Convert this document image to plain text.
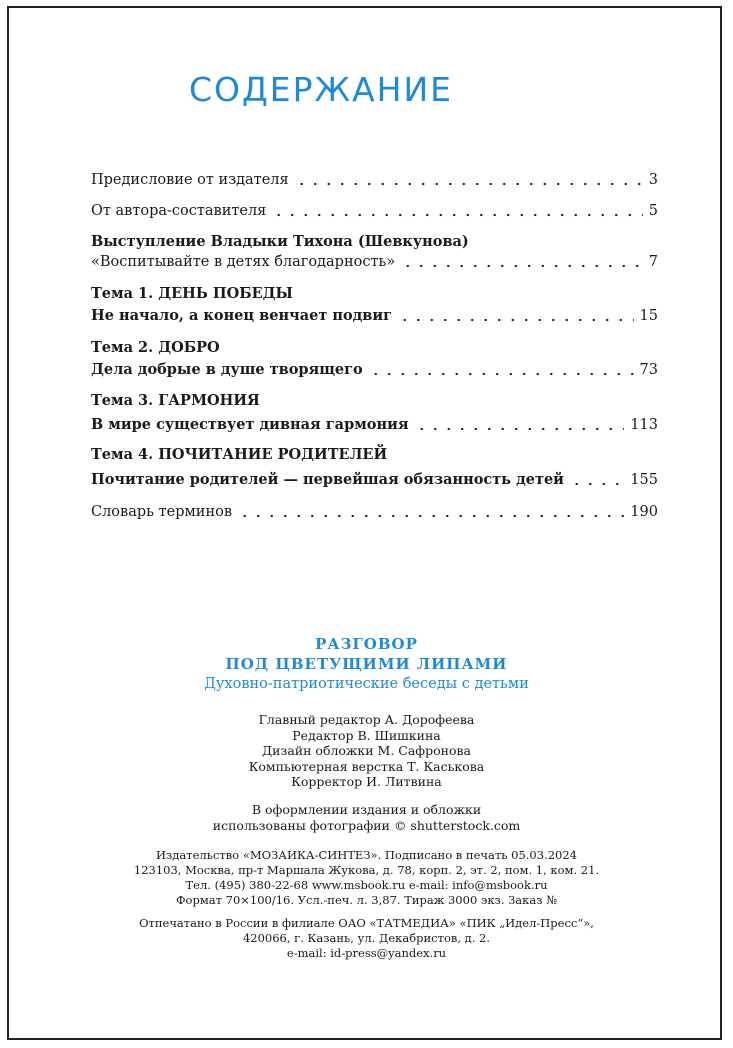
СОДЕРЖАНИЕ
Предисловие от издателя	3
От автора-составителя	5
Выступление Владыки Тихона (Шевкунова)
«Воспитывайте в детях благодарность»	7
Тема 1. ДЕНЬ ПОБЕДЫ
Не начало, а конец венчает подвиг	15
Тема 2. ДОБРО
Дела добрые в душе творящего	73
Тема 3. ГАРМОНИЯ
В мире существует дивная гармония	113
Тема 4. ПОЧИТАНИЕ РОДИТЕЛЕЙ
Почитание родителей — первейшая обязанность детей	155
Словарь терминов	190
РАЗГОВОР
ПОД ЦВЕТУЩИМИ ЛИПАМИ
Духовно-патриотические беседы с детьми
Главный редактор А. Дорофеева
Редактор В. Шишкина
Дизайн обложки М. Сафронова
Компьютерная верстка Т. Каськова
Корректор И. Литвина
В оформлении издания и обложки
использованы фотографии © shutterstock.com
Издательство «МОЗАИКА-СИНТЕЗ». Подписано в печать 05.03.2024
123103, Москва, пр-т Маршала Жукова, д. 78, корп. 2, эт. 2, пом. 1, ком. 21.
Тел. (495) 380-22-68 www.msbook.ru e-mail: info@msbook.ru
Формат 70×100/16. Усл.-печ. л. 3,87. Тираж 3000 экз. Заказ №
Отпечатано в России в филиале ОАО «ТАТМЕДИА» «ПИК „Идел-Пресс“»,
420066, г. Казань, ул. Декабристов, д. 2.
e-mail: id-press@yandex.ru
